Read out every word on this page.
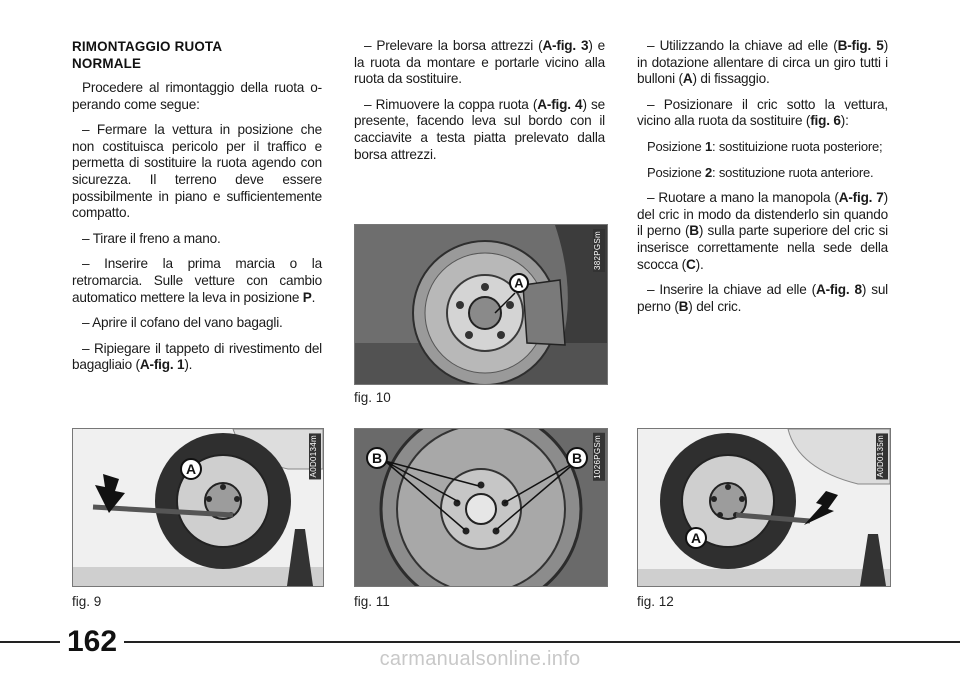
RIMONTAGGIO RUOTA
NORMALE

Procedere al rimontaggio della ruota o-perando come segue:

– Fermare la vettura in posizione che non costituisca pericolo per il traffico e permetta di sostituire la ruota agendo con sicurezza. Il terreno deve essere possibilmente in piano e sufficientemente compatto.

– Tirare il freno a mano.

– Inserire la prima marcia o la retromarcia. Sulle vetture con cambio automatico mettere la leva in posizione P.

– Aprire il cofano del vano bagagli.

– Ripiegare il tappeto di rivestimento del bagagliaio (A-fig. 1).

– Prelevare la borsa attrezzi (A-fig. 3) e la ruota da montare e portarle vicino alla ruota da sostituire.

– Rimuovere la coppa ruota (A-fig. 4) se presente, facendo leva sul bordo con il cacciavite a testa piatta prelevato dalla borsa attrezzi.

– Utilizzando la chiave ad elle (B-fig. 5) in dotazione allentare di circa un giro tutti i bulloni (A) di fissaggio.

– Posizionare il cric sotto la vettura, vicino alla ruota da sostituire (fig. 6):

Posizione 1: sostituizione ruota posteriore;

Posizione 2: sostituzione ruota anteriore.

– Ruotare a mano la manopola (A-fig. 7) del cric in modo da distenderlo sin quando il perno (B) sulla parte superiore del cric si inserisce correttamente nella sede della scocca (C).

– Inserire la chiave ad elle (A-fig. 8) sul perno (B) del cric.

A
382PGSm
fig. 10
A	A0D0134m
fig. 9
B	B 1026PGSm
fig. 11
A
A0D0135m
fig. 12
162
carmanualsonline.info
